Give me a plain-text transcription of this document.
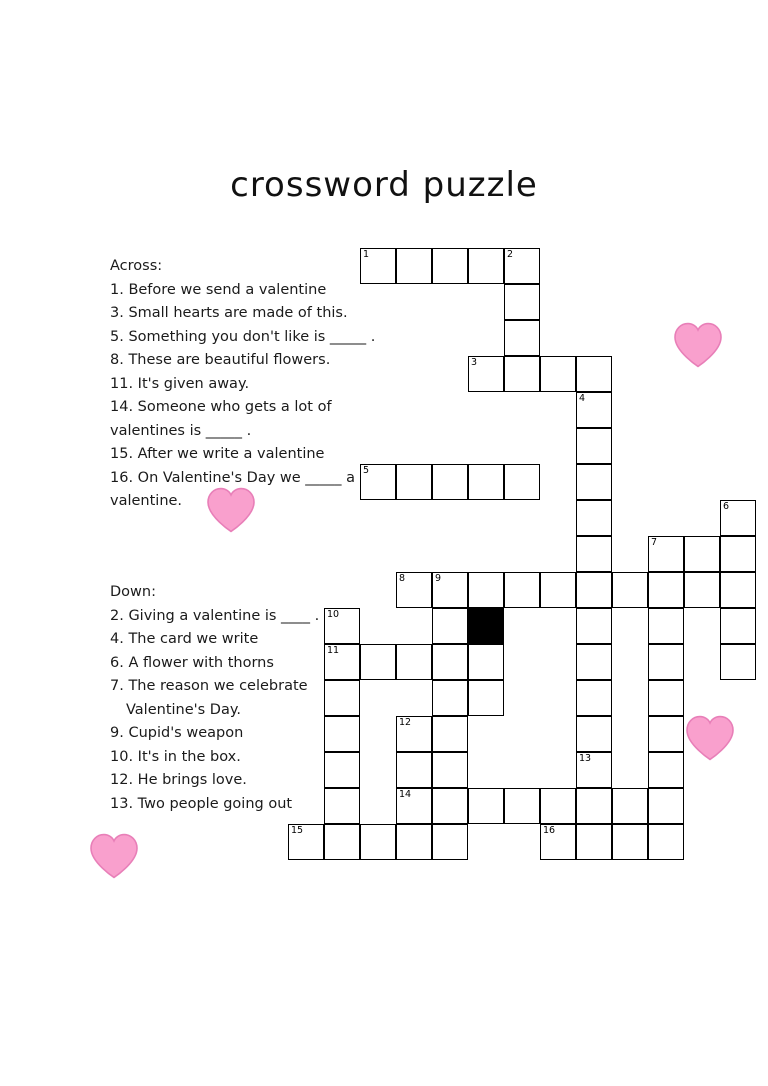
crossword puzzle
Across:
1. Before we send a valentine
3. Small hearts are made of this.
5. Something you don't like is _____ .
8. These are beautiful flowers.
11. It's given away.
14. Someone who gets a lot of valentines is _____ .
15. After we write a valentine
16. On Valentine's Day we _____ a valentine.
Down:
2. Giving a valentine is ____ .
4. The card we write
6. A flower with thorns
7. The reason we celebrate
Valentine's Day.
9. Cupid's weapon
10. It's in the box.
12. He brings love.
13. Two people going out
1	2
3
4
5
6
7
8	9
10
11
12
13
14
15	16
